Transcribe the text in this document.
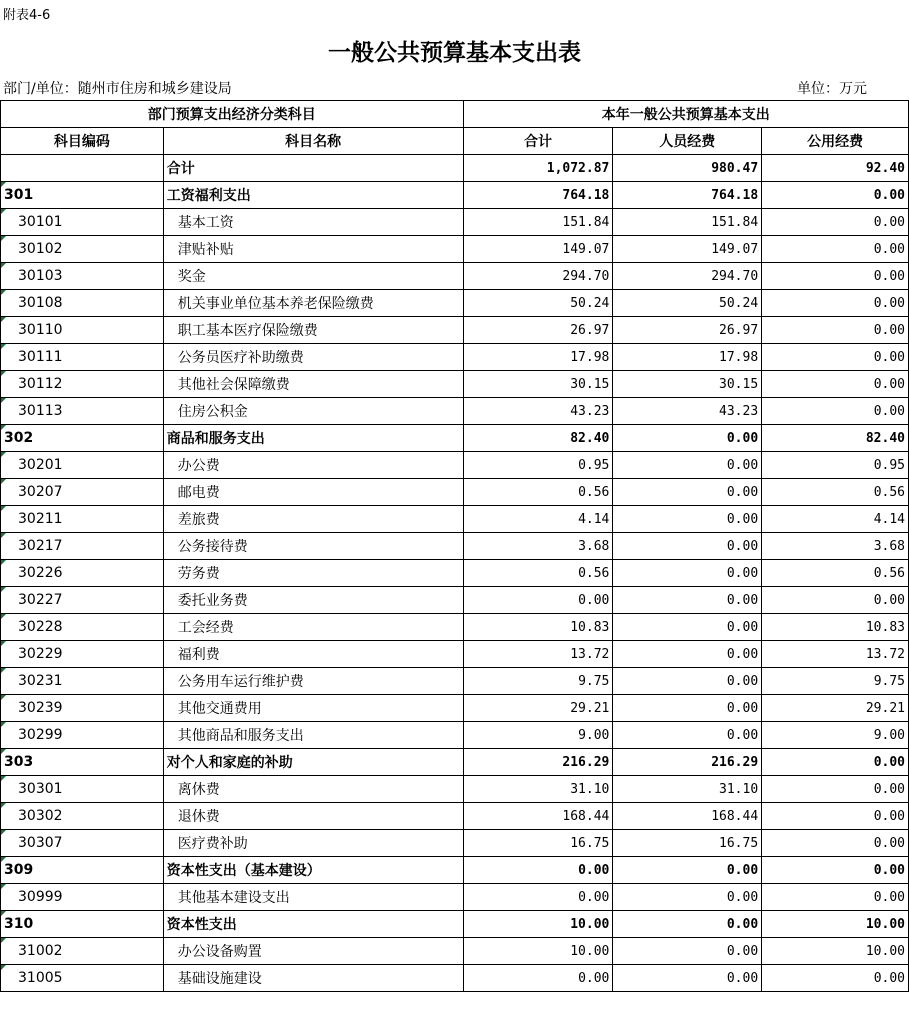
附表4-6
一般公共预算基本支出表
部门/单位：随州市住房和城乡建设局	单位：万元
部门预算支出经济分类科目		本年一般公共预算基本支出		
科目编码	科目名称	合计	人员经费	公用经费
	合计	1,072.87	980.47	92.40
301	工资福利支出	764.18	764.18	0.00
30101	基本工资	151.84	151.84	0.00
30102	津贴补贴	149.07	149.07	0.00
30103	奖金	294.70	294.70	0.00
30108	机关事业单位基本养老保险缴费	50.24	50.24	0.00
30110	职工基本医疗保险缴费	26.97	26.97	0.00
30111	公务员医疗补助缴费	17.98	17.98	0.00
30112	其他社会保障缴费	30.15	30.15	0.00
30113	住房公积金	43.23	43.23	0.00
302	商品和服务支出	82.40	0.00	82.40
30201	办公费	0.95	0.00	0.95
30207	邮电费	0.56	0.00	0.56
30211	差旅费	4.14	0.00	4.14
30217	公务接待费	3.68	0.00	3.68
30226	劳务费	0.56	0.00	0.56
30227	委托业务费	0.00	0.00	0.00
30228	工会经费	10.83	0.00	10.83
30229	福利费	13.72	0.00	13.72
30231	公务用车运行维护费	9.75	0.00	9.75
30239	其他交通费用	29.21	0.00	29.21
30299	其他商品和服务支出	9.00	0.00	9.00
303	对个人和家庭的补助	216.29	216.29	0.00
30301	离休费	31.10	31.10	0.00
30302	退休费	168.44	168.44	0.00
30307	医疗费补助	16.75	16.75	0.00
309	资本性支出（基本建设）	0.00	0.00	0.00
30999	其他基本建设支出	0.00	0.00	0.00
310	资本性支出	10.00	0.00	10.00
31002	办公设备购置	10.00	0.00	10.00
31005	基础设施建设	0.00	0.00	0.00
